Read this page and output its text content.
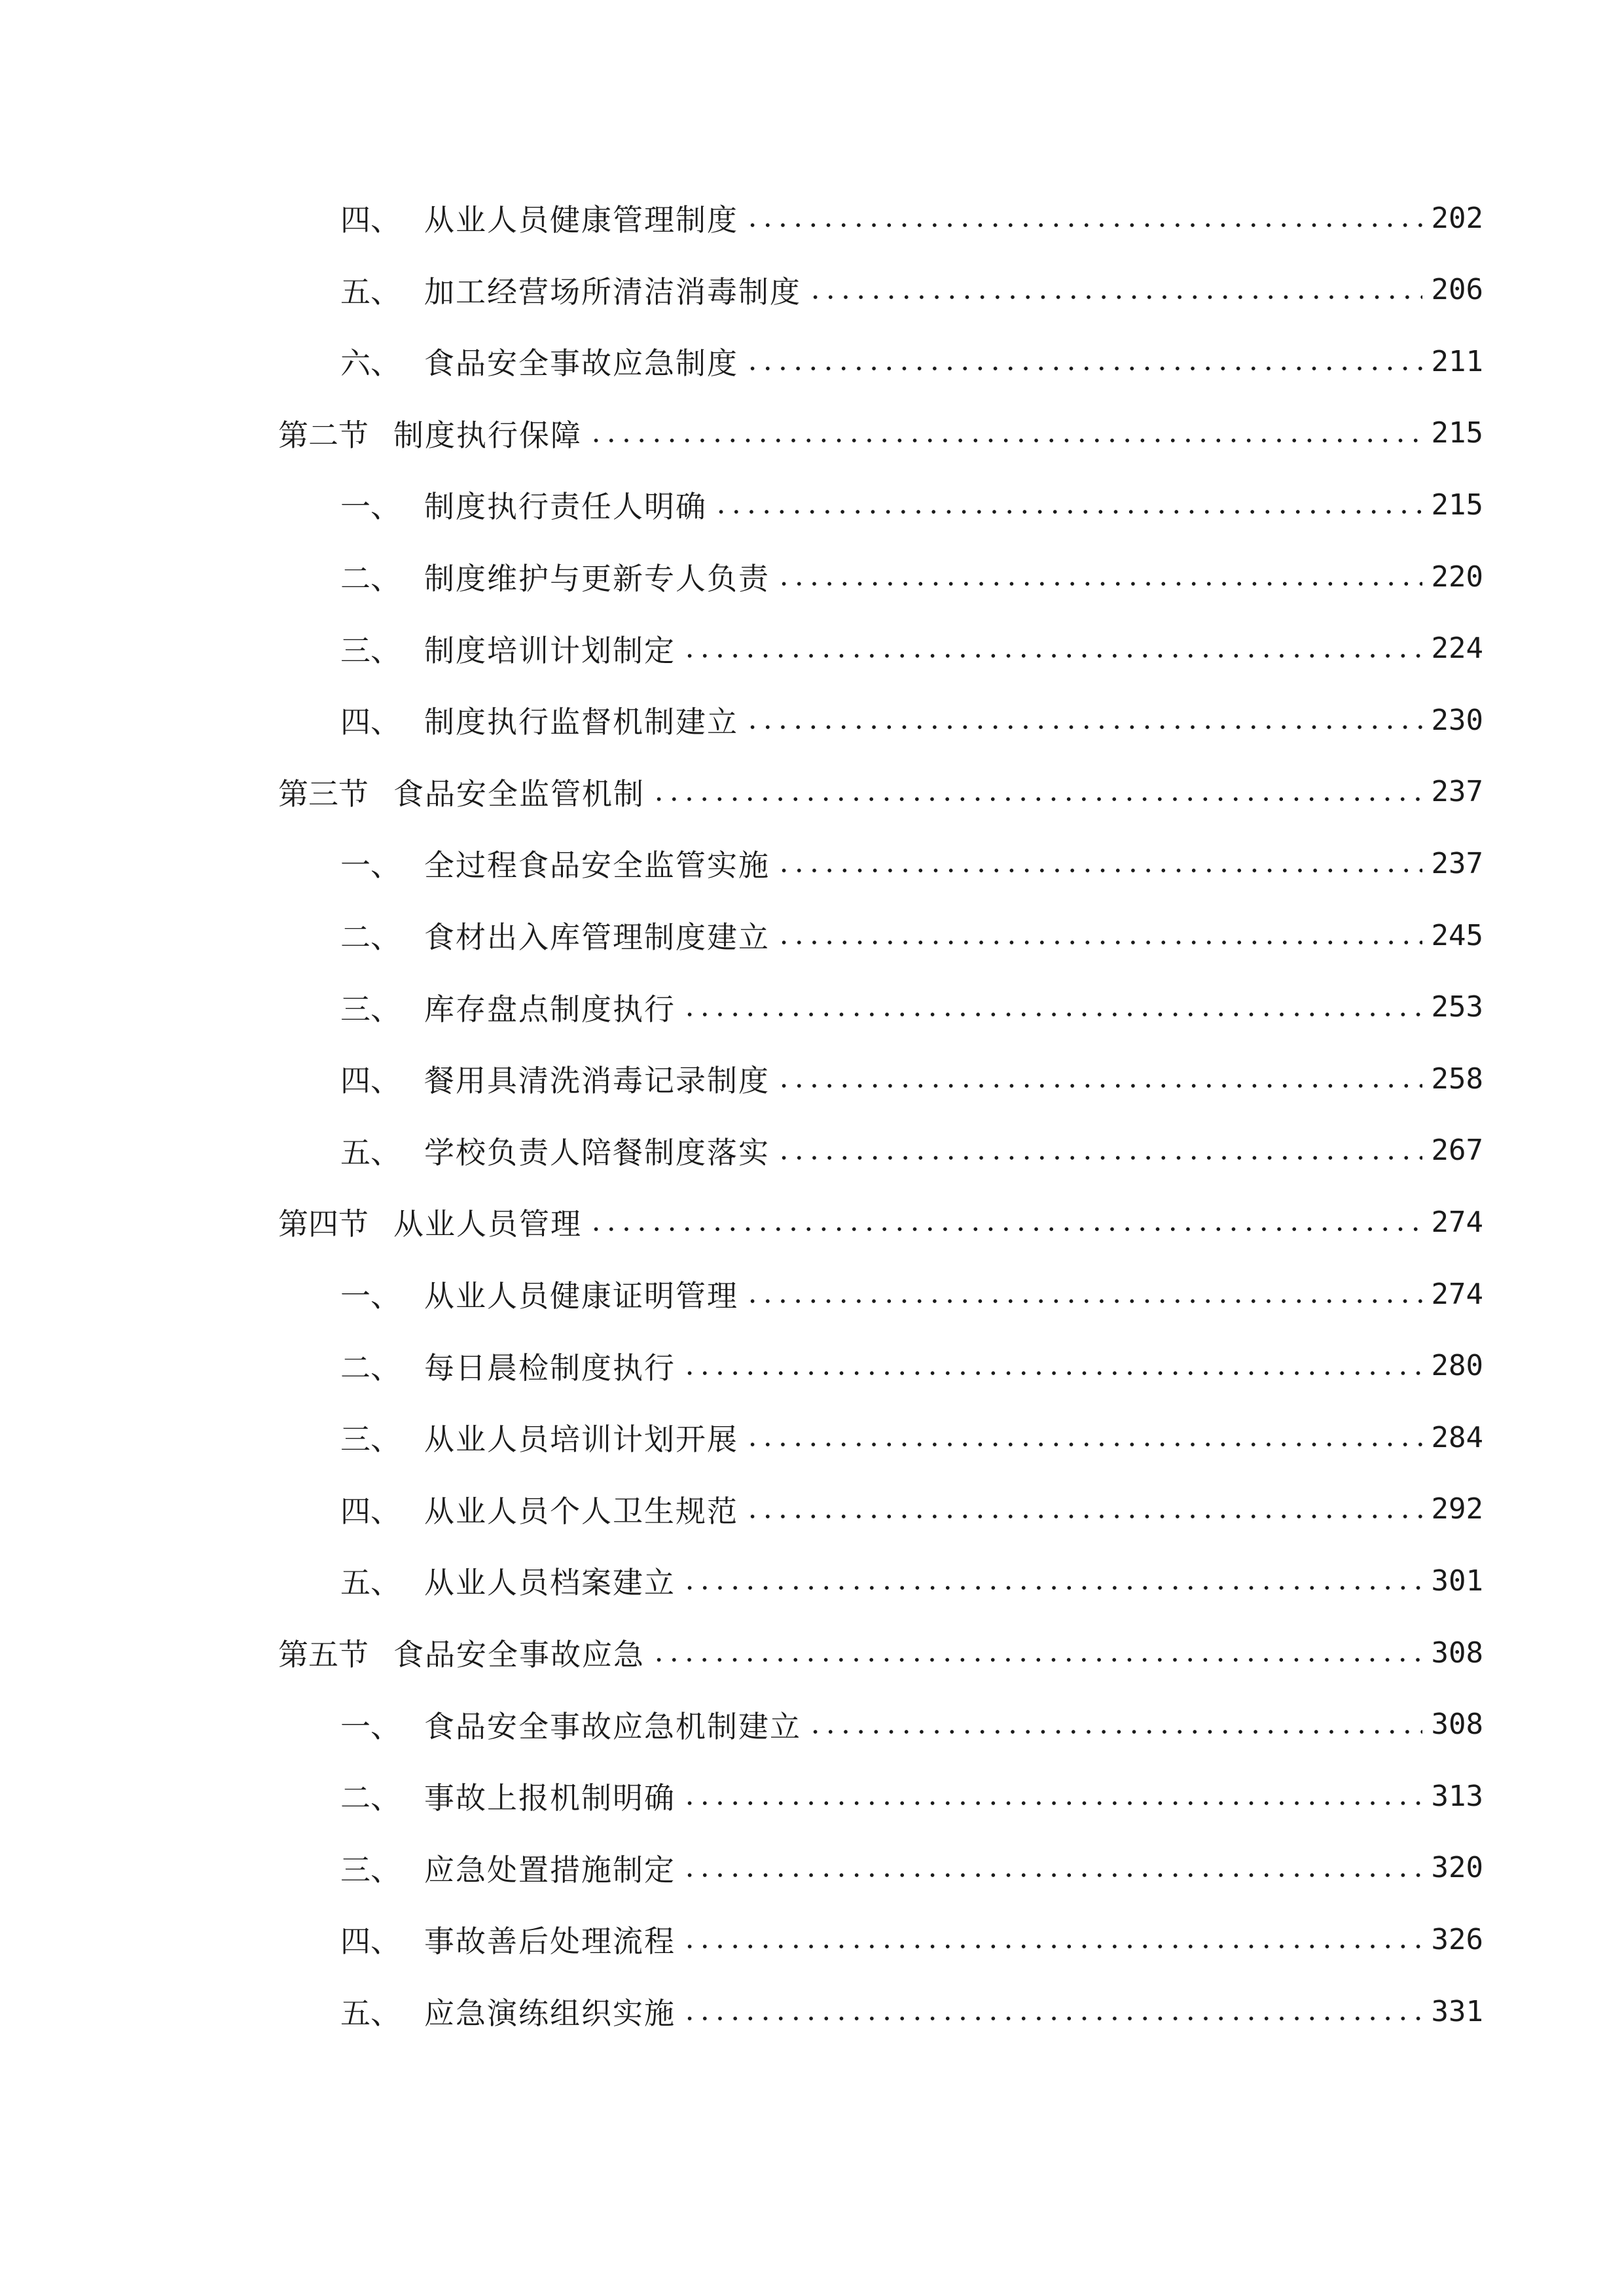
四、 从业人员健康管理制度	202
五、 加工经营场所清洁消毒制度	206
六、 食品安全事故应急制度	211
第二节 制度执行保障	215
一、 制度执行责任人明确	215
二、 制度维护与更新专人负责	220
三、 制度培训计划制定	224
四、 制度执行监督机制建立	230
第三节 食品安全监管机制	237
一、 全过程食品安全监管实施	237
二、 食材出入库管理制度建立	245
三、 库存盘点制度执行	253
四、 餐用具清洗消毒记录制度	258
五、 学校负责人陪餐制度落实	267
第四节 从业人员管理	274
一、 从业人员健康证明管理	274
二、 每日晨检制度执行	280
三、 从业人员培训计划开展	284
四、 从业人员个人卫生规范	292
五、 从业人员档案建立	301
第五节 食品安全事故应急	308
一、 食品安全事故应急机制建立	308
二、 事故上报机制明确	313
三、 应急处置措施制定	320
四、 事故善后处理流程	326
五、 应急演练组织实施	331
